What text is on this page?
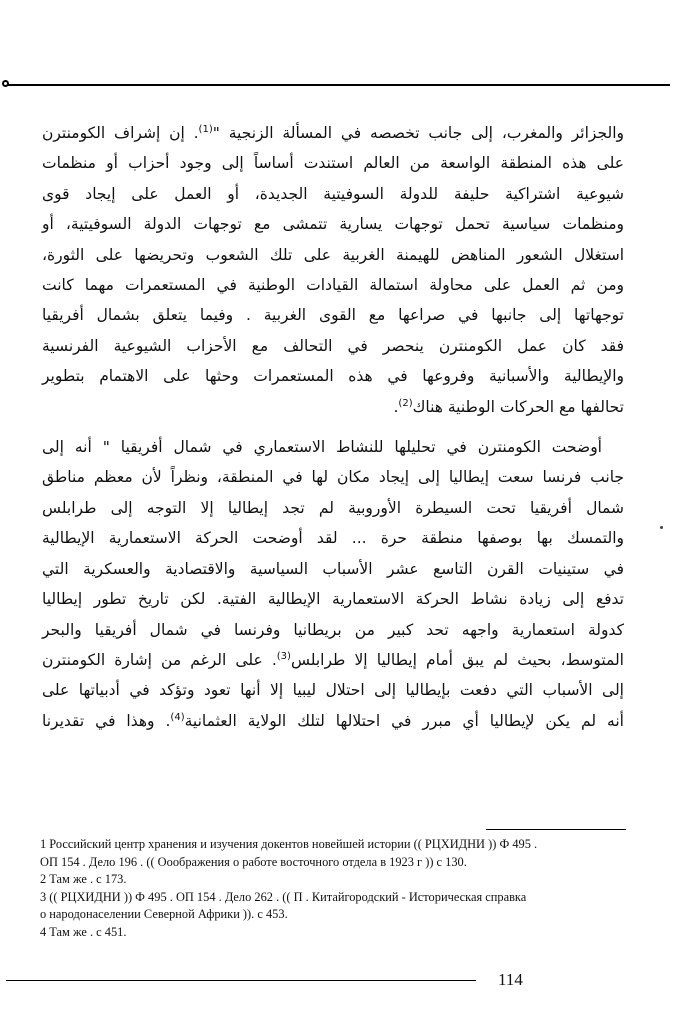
والجزائر والمغرب، إلى جانب تخصصه في المسألة الزنجية "$^{(1)}$. إن إشراف الكومنترن
على هذه المنطقة الواسعة من العالم استندت أساساً إلى وجود أحزاب أو منظمات
شيوعية اشتراكية حليفة للدولة السوفيتية الجديدة، أو العمل على إيجاد قوى
ومنظمات سياسية تحمل توجهات يسارية تتمشى مع توجهات الدولة السوفيتية، أو
استغلال الشعور المناهض للهيمنة الغربية على تلك الشعوب وتحريضها على الثورة،
ومن ثم العمل على محاولة استمالة القيادات الوطنية في المستعمرات مهما كانت
توجهاتها إلى جانبها في صراعها مع القوى الغربية . وفيما يتعلق بشمال أفريقيا
فقد كان عمل الكومنترن ينحصر في التحالف مع الأحزاب الشيوعية الفرنسية
والإيطالية والأسبانية وفروعها في هذه المستعمرات وحثها على الاهتمام بتطوير
تحالفها مع الحركات الوطنية هناك$^{(2)}$.
أوضحت الكومنترن في تحليلها للنشاط الاستعماري في شمال أفريقيا " أنه إلى
جانب فرنسا سعت إيطاليا إلى إيجاد مكان لها في المنطقة، ونظراً لأن معظم مناطق
شمال أفريقيا تحت السيطرة الأوروبية لم تجد إيطاليا إلا التوجه إلى طرابلس
والتمسك بها بوصفها منطقة حرة ... لقد أوضحت الحركة الاستعمارية الإيطالية
في ستينيات القرن التاسع عشر الأسباب السياسية والاقتصادية والعسكرية التي
تدفع إلى زيادة نشاط الحركة الاستعمارية الإيطالية الفتية. لكن تاريخ تطور إيطاليا
كدولة استعمارية واجهه تحد كبير من بريطانيا وفرنسا في شمال أفريقيا والبحر
المتوسط، بحيث لم يبق أمام إيطاليا إلا طرابلس$^{(3)}$. على الرغم من إشارة الكومنترن
إلى الأسباب التي دفعت بإيطاليا إلى احتلال ليبيا إلا أنها تعود وتؤكد في أدبياتها على
أنه لم يكن لإيطاليا أي مبرر في احتلالها لتلك الولاية العثمانية$^{(4)}$. وهذا في تقديرنا
1 Российский центр хранения и изучения докентов новейшей истории (( РЦХИДНИ )) Ф 495 .
ОП 154 . Дело 196 . (( Ооображения о работе восточного отдела в 1923 г )) с 130.
2 Там же . с 173.
3 (( РЦХИДНИ )) Ф 495 . ОП 154 . Дело 262 . (( П . Китайгородский - Историческая справка
о народонаселении Северной Африки )). с 453.
4 Там же . с 451.
114
